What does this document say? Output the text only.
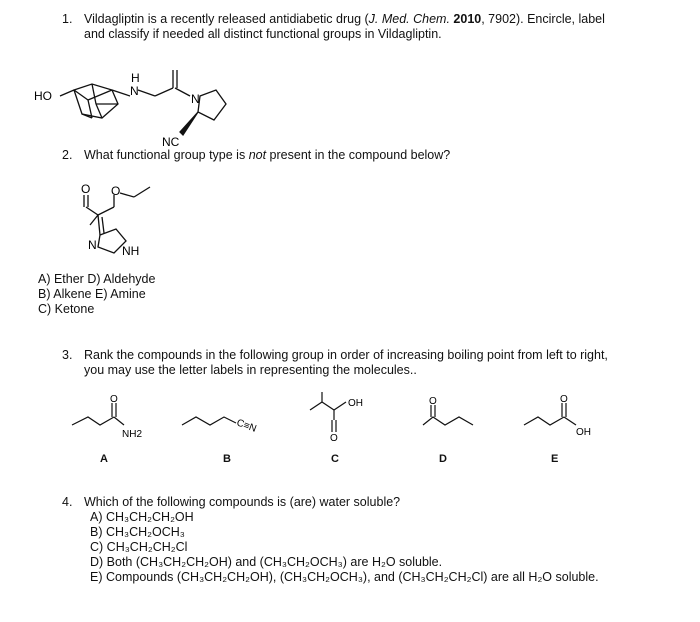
1. Vildagliptin is a recently released antidiabetic drug (J. Med. Chem. 2010, 7902). Encircle, label
and classify if needed all distinct functional groups in Vildagliptin.
HO
H
N
N
NC
2. What functional group type is not present in the compound below?
O O
N NH
A) Ether D) Aldehyde
B) Alkene E) Amine
C) Ketone
3. Rank the compounds in the following group in order of increasing boiling point from left to right,
you may use the letter labels in representing the molecules..
O
NH2
A
C≡N
B
OH
O
C
O
D
O
OH
E
4. Which of the following compounds is (are) water soluble?
A) CH₃CH₂CH₂OH
B) CH₃CH₂OCH₃
C) CH₃CH₂CH₂Cl
D) Both (CH₃CH₂CH₂OH) and (CH₃CH₂OCH₃) are H₂O soluble.
E) Compounds (CH₃CH₂CH₂OH), (CH₃CH₂OCH₃), and (CH₃CH₂CH₂Cl) are all H₂O soluble.
